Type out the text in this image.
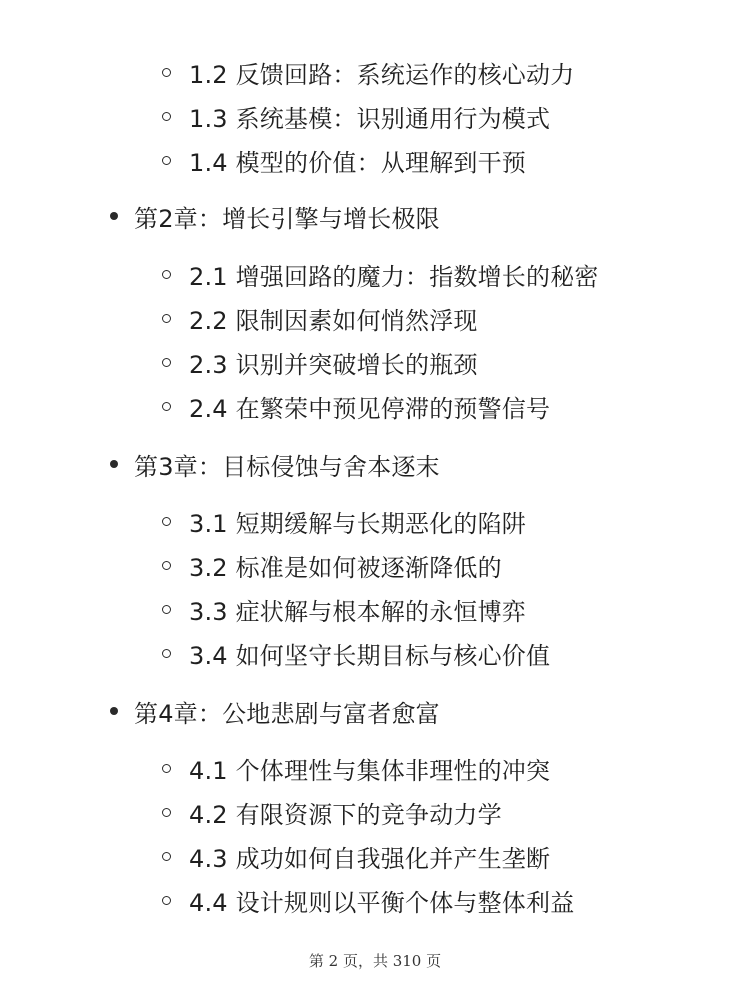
1.2 反馈回路：系统运作的核心动力
1.3 系统基模：识别通用行为模式
1.4 模型的价值：从理解到干预
第2章：增长引擎与增长极限
2.1 增强回路的魔力：指数增长的秘密
2.2 限制因素如何悄然浮现
2.3 识别并突破增长的瓶颈
2.4 在繁荣中预见停滞的预警信号
第3章：目标侵蚀与舍本逐末
3.1 短期缓解与长期恶化的陷阱
3.2 标准是如何被逐渐降低的
3.3 症状解与根本解的永恒博弈
3.4 如何坚守长期目标与核心价值
第4章：公地悲剧与富者愈富
4.1 个体理性与集体非理性的冲突
4.2 有限资源下的竞争动力学
4.3 成功如何自我强化并产生垄断
4.4 设计规则以平衡个体与整体利益
第 2 页，共 310 页
